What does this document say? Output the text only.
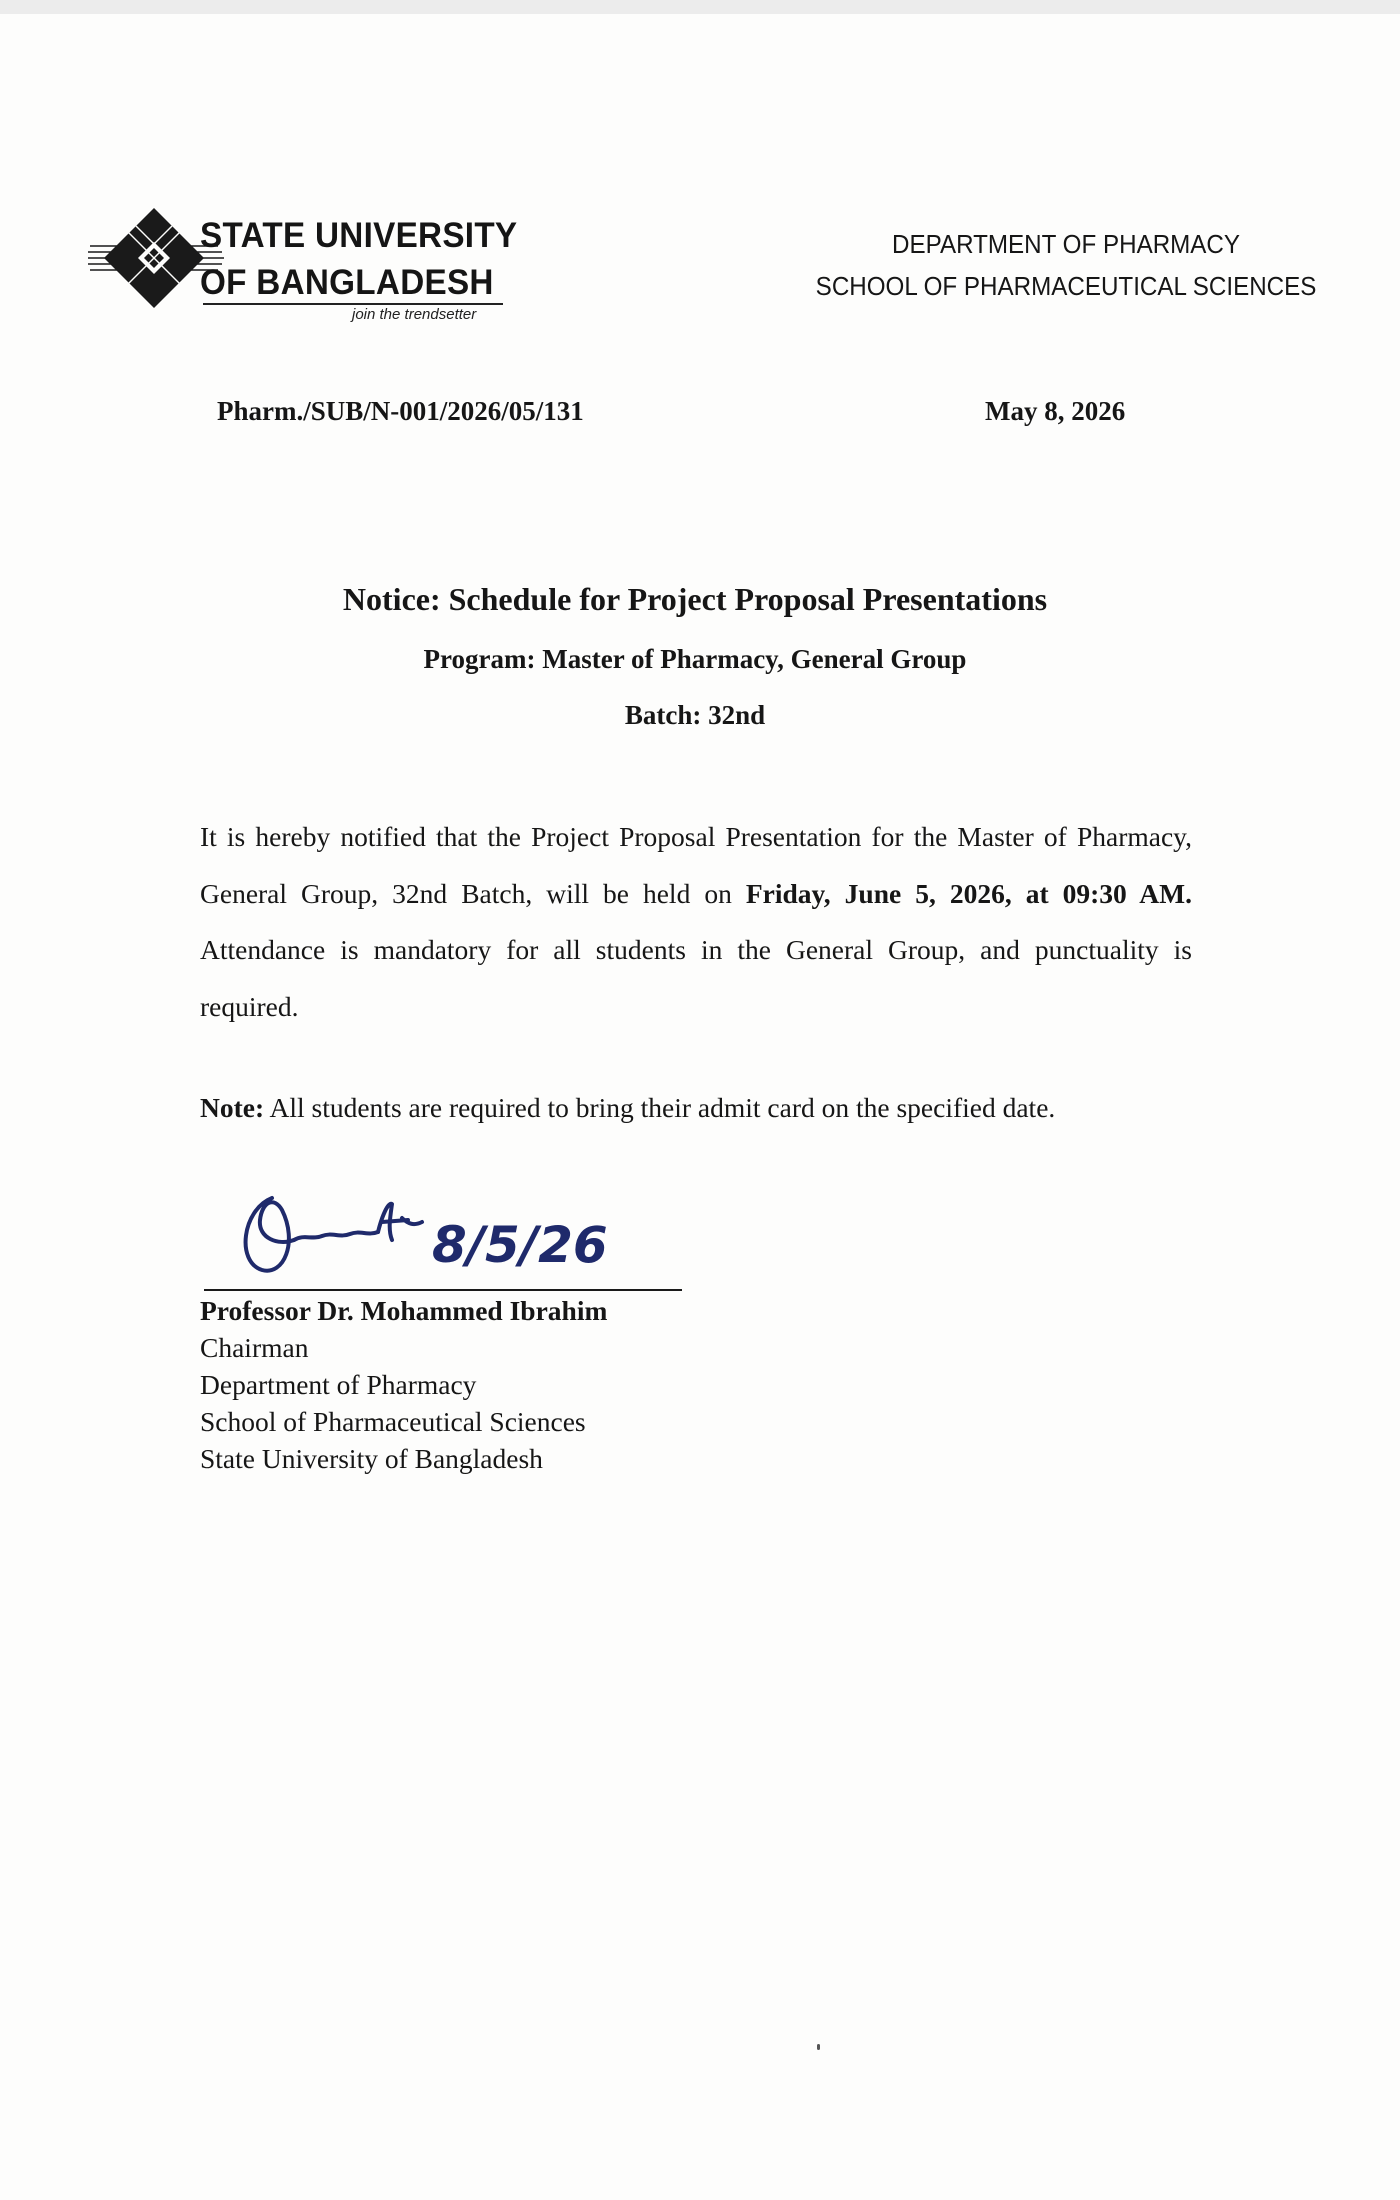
STATE UNIVERSITY
OF BANGLADESH
join the trendsetter
DEPARTMENT OF PHARMACY
SCHOOL OF PHARMACEUTICAL SCIENCES
Pharm./SUB/N-001/2026/05/131	May 8, 2026

Notice: Schedule for Project Proposal Presentations

Program: Master of Pharmacy, General Group

Batch: 32nd

It is hereby notified that the Project Proposal Presentation for the Master of Pharmacy, General Group, 32nd Batch, will be held on Friday, June 5, 2026, at 09:30 AM. Attendance is mandatory for all students in the General Group, and punctuality is required.

Note: All students are required to bring their admit card on the specified date.

8/5/26
Professor Dr. Mohammed Ibrahim
Chairman
Department of Pharmacy
School of Pharmaceutical Sciences
State University of Bangladesh
